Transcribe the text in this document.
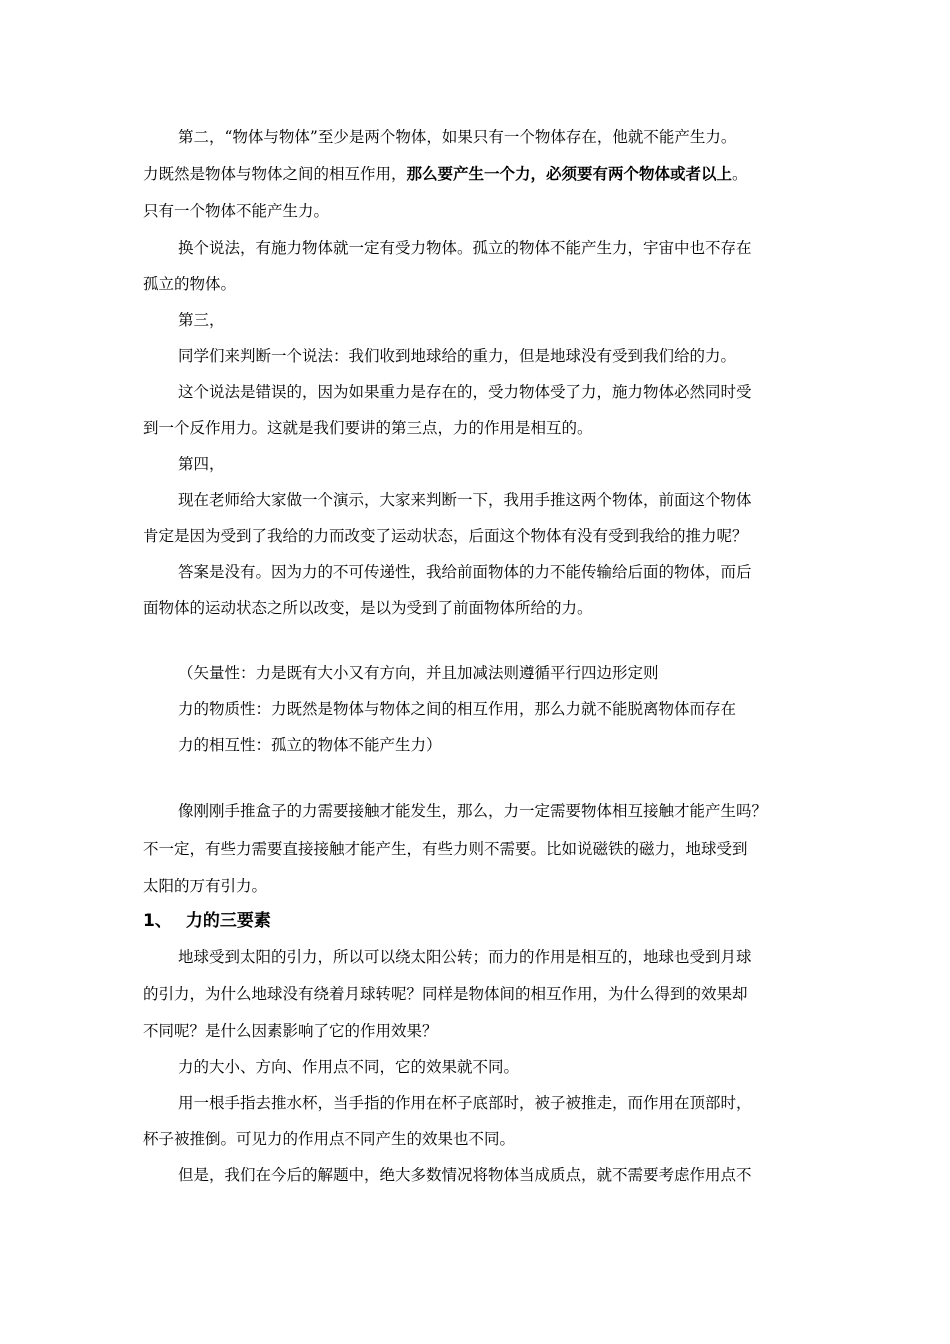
第二，“物体与物体”至少是两个物体，如果只有一个物体存在，他就不能产生力。
力既然是物体与物体之间的相互作用，那么要产生一个力，必须要有两个物体或者以上。
只有一个物体不能产生力。
换个说法，有施力物体就一定有受力物体。孤立的物体不能产生力，宇宙中也不存在
孤立的物体。
第三，
同学们来判断一个说法：我们收到地球给的重力，但是地球没有受到我们给的力。
这个说法是错误的，因为如果重力是存在的，受力物体受了力，施力物体必然同时受
到一个反作用力。这就是我们要讲的第三点，力的作用是相互的。
第四，
现在老师给大家做一个演示，大家来判断一下，我用手推这两个物体，前面这个物体
肯定是因为受到了我给的力而改变了运动状态，后面这个物体有没有受到我给的推力呢？
答案是没有。因为力的不可传递性，我给前面物体的力不能传输给后面的物体，而后
面物体的运动状态之所以改变，是以为受到了前面物体所给的力。
（矢量性：力是既有大小又有方向，并且加减法则遵循平行四边形定则
力的物质性：力既然是物体与物体之间的相互作用，那么力就不能脱离物体而存在
力的相互性：孤立的物体不能产生力）
像刚刚手推盒子的力需要接触才能发生，那么，力一定需要物体相互接触才能产生吗？
不一定，有些力需要直接接触才能产生，有些力则不需要。比如说磁铁的磁力，地球受到
太阳的万有引力。
1、 力的三要素
地球受到太阳的引力，所以可以绕太阳公转；而力的作用是相互的，地球也受到月球
的引力，为什么地球没有绕着月球转呢？同样是物体间的相互作用，为什么得到的效果却
不同呢？是什么因素影响了它的作用效果？
力的大小、方向、作用点不同，它的效果就不同。
用一根手指去推水杯，当手指的作用在杯子底部时，被子被推走，而作用在顶部时，
杯子被推倒。可见力的作用点不同产生的效果也不同。
但是，我们在今后的解题中，绝大多数情况将物体当成质点，就不需要考虑作用点不
